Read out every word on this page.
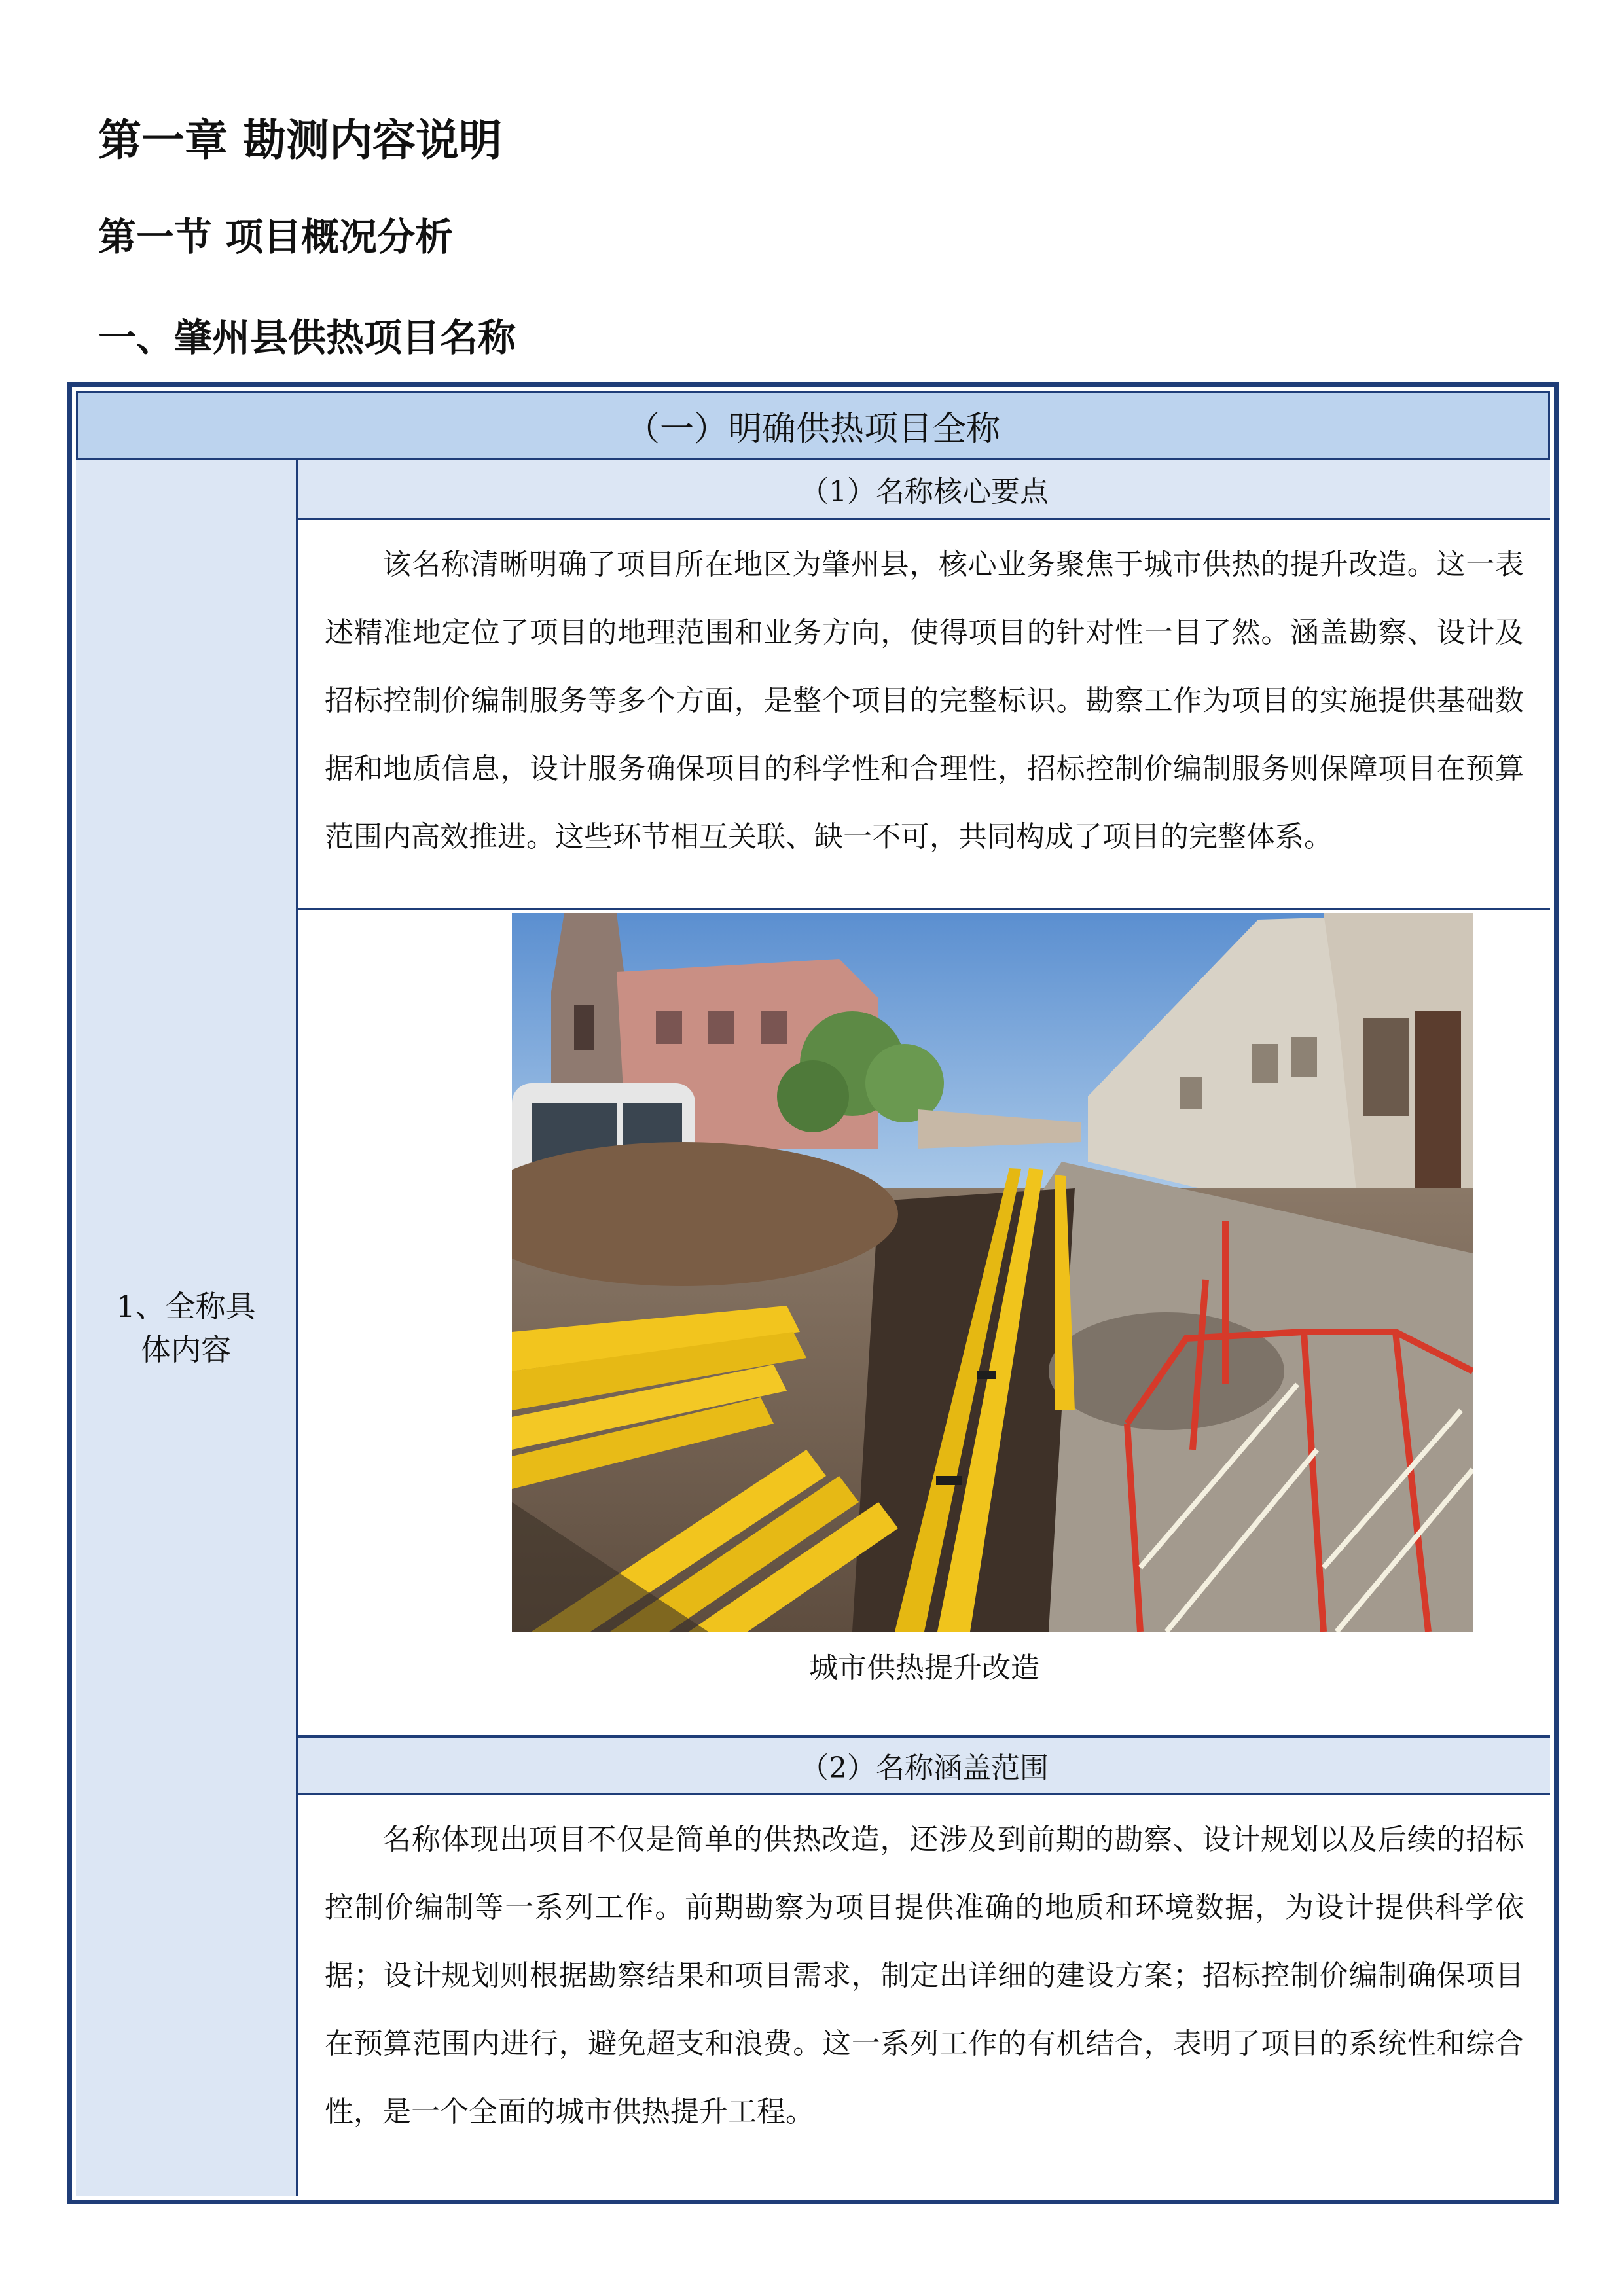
第一章 勘测内容说明
第一节 项目概况分析
一、肇州县供热项目名称
（一）明确供热项目全称
1、全称具体内容
（1）名称核心要点
该名称清晰明确了项目所在地区为肇州县，核心业务聚焦于城市供热的提升改造。这一表述精准地定位了项目的地理范围和业务方向，使得项目的针对性一目了然。涵盖勘察、设计及招标控制价编制服务等多个方面，是整个项目的完整标识。勘察工作为项目的实施提供基础数据和地质信息，设计服务确保项目的科学性和合理性，招标控制价编制服务则保障项目在预算范围内高效推进。这些环节相互关联、缺一不可，共同构成了项目的完整体系。
城市供热提升改造
（2）名称涵盖范围
名称体现出项目不仅是简单的供热改造，还涉及到前期的勘察、设计规划以及后续的招标控制价编制等一系列工作。前期勘察为项目提供准确的地质和环境数据，为设计提供科学依据；设计规划则根据勘察结果和项目需求，制定出详细的建设方案；招标控制价编制确保项目在预算范围内进行，避免超支和浪费。这一系列工作的有机结合，表明了项目的系统性和综合性，是一个全面的城市供热提升工程。
